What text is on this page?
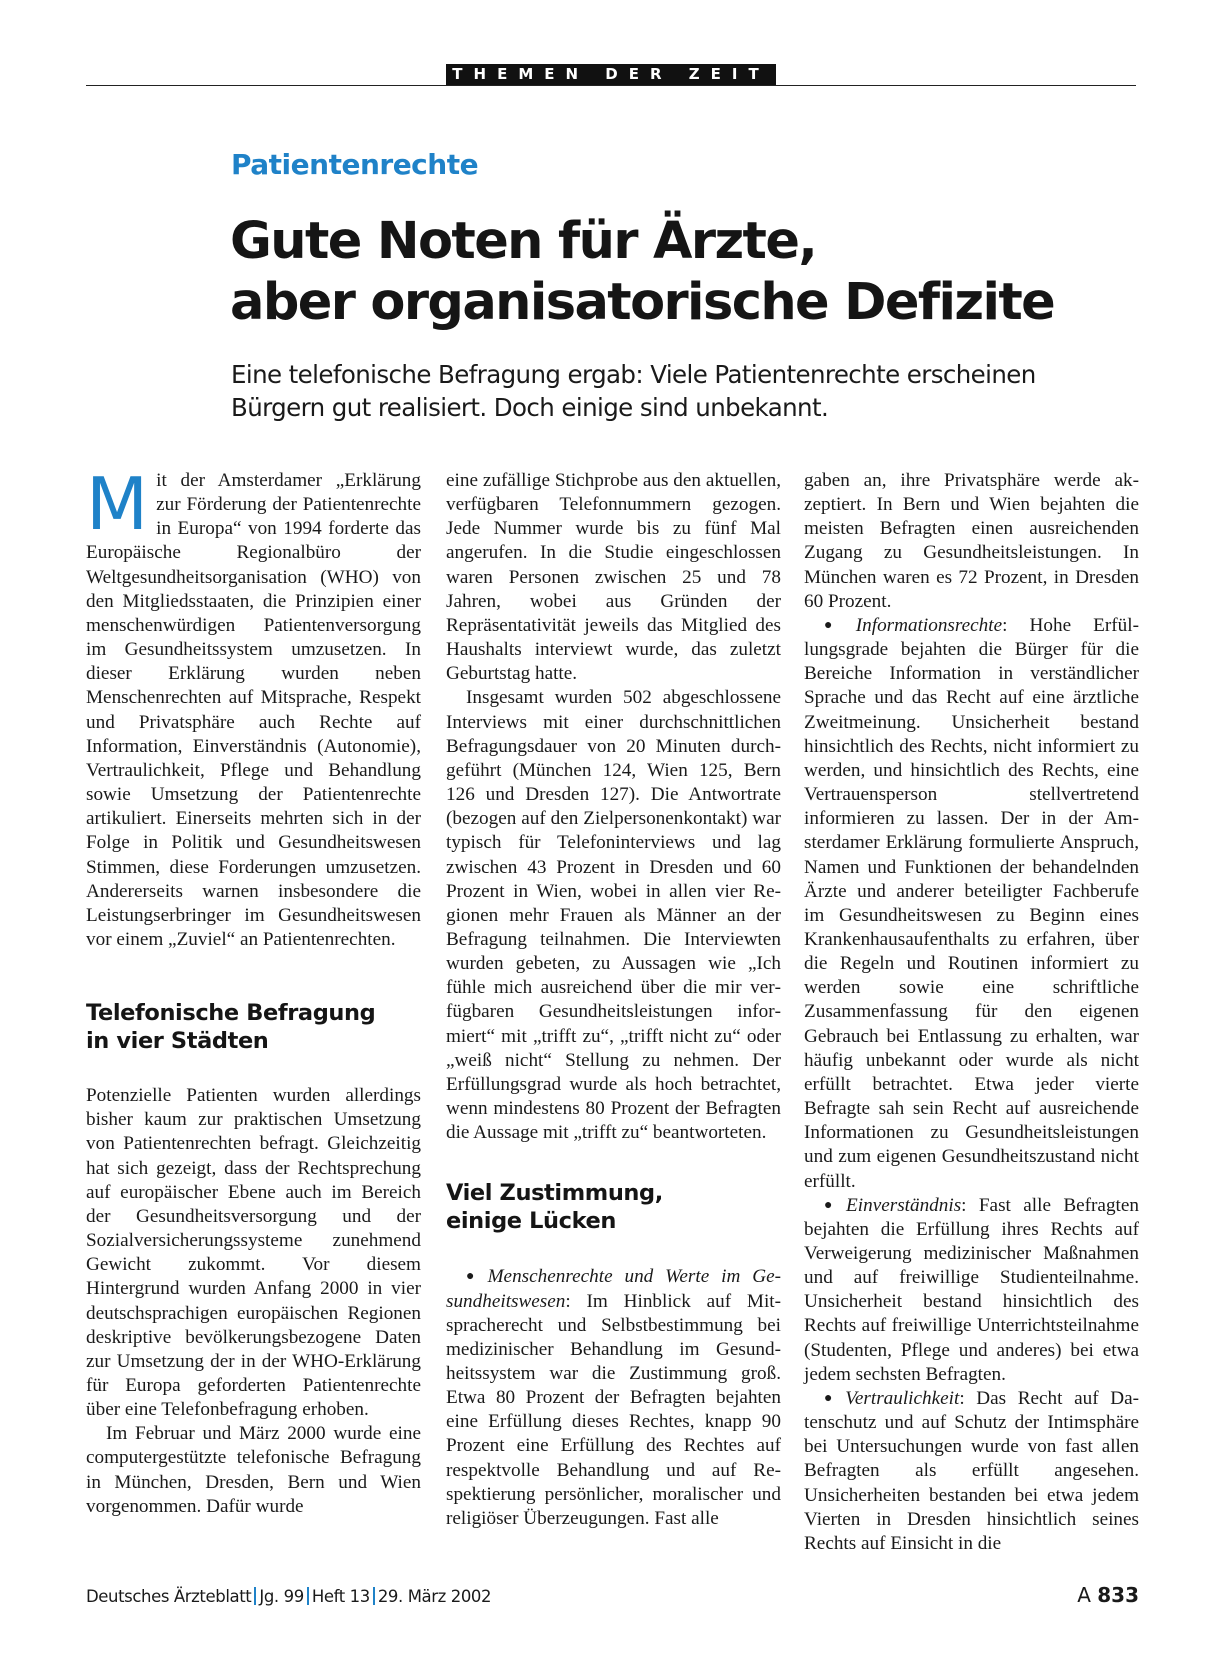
THEMEN DER ZEIT
Patientenrechte
Gute Noten für Ärzte,
aber organisatorische Defizite

Eine telefonische Befragung ergab: Viele Patientenrechte erscheinen
Bürgern gut realisiert. Doch einige sind unbekannt.

Mit der Amsterdamer „Erklärung zur Förderung der Patientenrechte in Europa“ von 1994 forderte das Europäische Regionalbüro der Weltgesundheitsorganisation (WHO) von den Mitgliedsstaaten, die Prinzipien einer menschenwürdigen Patientenversorgung im Gesundheitssystem umzusetzen. In dieser Erklärung wurden neben Menschenrechten auf Mitsprache, Respekt und Privatsphäre auch Rechte auf Information, Einverständnis (Autonomie), Vertraulichkeit, Pflege und Behandlung sowie Umsetzung der Patientenrechte artikuliert. Einerseits mehrten sich in der Folge in Politik und Gesundheitswesen Stimmen, diese Forderungen umzusetzen. Andererseits warnen insbesondere die Leistungserbringer im Gesundheitswesen vor einem „Zuviel“ an Patientenrechten.

Telefonische Befragung
in vier Städten

Potenzielle Patienten wurden allerdings bisher kaum zur praktischen Umsetzung von Patientenrechten befragt. Gleichzeitig hat sich gezeigt, dass der Rechtsprechung auf europäischer Ebene auch im Bereich der Gesundheitsversorgung und der Sozialversicherungssysteme zunehmend Gewicht zukommt. Vor diesem Hintergrund wurden Anfang 2000 in vier deutschsprachigen europäischen Regionen deskriptive bevölkerungsbezogene Daten zur Umsetzung der in der WHO-Erklärung für Europa geforderten Patientenrechte über eine Telefonbefragung erhoben.

Im Februar und März 2000 wurde eine computergestützte telefonische Befragung in München, Dresden, Bern und Wien vorgenommen. Dafür wurde

eine zufällige Stichprobe aus den aktuellen, verfügbaren Telefonnummern gezogen. Jede Nummer wurde bis zu fünf Mal angerufen. In die Studie eingeschlossen waren Personen zwischen 25 und 78 Jahren, wobei aus Gründen der Repräsentativität jeweils das Mitglied des Haushalts interviewt wurde, das zuletzt Geburtstag hatte.

Insgesamt wurden 502 abgeschlossene Interviews mit einer durchschnittlichen Befragungsdauer von 20 Minuten durchgeführt (München 124, Wien 125, Bern 126 und Dresden 127). Die Antwortrate (bezogen auf den Zielpersonenkontakt) war typisch für Telefoninterviews und lag zwischen 43 Prozent in Dresden und 60 Prozent in Wien, wobei in allen vier Regionen mehr Frauen als Männer an der Befragung teilnahmen. Die Interviewten wurden gebeten, zu Aussagen wie „Ich fühle mich ausreichend über die mir verfügbaren Gesundheitsleistungen informiert“ mit „trifft zu“, „trifft nicht zu“ oder „weiß nicht“ Stellung zu nehmen. Der Erfüllungsgrad wurde als hoch betrachtet, wenn mindestens 80 Prozent der Befragten die Aussage mit „trifft zu“ beantworteten.

Viel Zustimmung,
einige Lücken

● Menschenrechte und Werte im Gesundheitswesen: Im Hinblick auf Mitspracherecht und Selbstbestimmung bei medizinischer Behandlung im Gesundheitssystem war die Zustimmung groß. Etwa 80 Prozent der Befragten bejahten eine Erfüllung dieses Rechtes, knapp 90 Prozent eine Erfüllung des Rechtes auf respektvolle Behandlung und auf Respektierung persönlicher, moralischer und religiöser Überzeugungen. Fast alle

gaben an, ihre Privatsphäre werde akzeptiert. In Bern und Wien bejahten die meisten Befragten einen ausreichenden Zugang zu Gesundheitsleistungen. In München waren es 72 Prozent, in Dresden 60 Prozent.

● Informationsrechte: Hohe Erfüllungsgrade bejahten die Bürger für die Bereiche Information in verständlicher Sprache und das Recht auf eine ärztliche Zweitmeinung. Unsicherheit bestand hinsichtlich des Rechts, nicht informiert zu werden, und hinsichtlich des Rechts, eine Vertrauensperson stellvertretend informieren zu lassen. Der in der Amsterdamer Erklärung formulierte Anspruch, Namen und Funktionen der behandelnden Ärzte und anderer beteiligter Fachberufe im Gesundheitswesen zu Beginn eines Krankenhausaufenthalts zu erfahren, über die Regeln und Routinen informiert zu werden sowie eine schriftliche Zusammenfassung für den eigenen Gebrauch bei Entlassung zu erhalten, war häufig unbekannt oder wurde als nicht erfüllt betrachtet. Etwa jeder vierte Befragte sah sein Recht auf ausreichende Informationen zu Gesundheitsleistungen und zum eigenen Gesundheitszustand nicht erfüllt.

● Einverständnis: Fast alle Befragten bejahten die Erfüllung ihres Rechts auf Verweigerung medizinischer Maßnahmen und auf freiwillige Studienteilnahme. Unsicherheit bestand hinsichtlich des Rechts auf freiwillige Unterrichtsteilnahme (Studenten, Pflege und anderes) bei etwa jedem sechsten Befragten.

● Vertraulichkeit: Das Recht auf Datenschutz und auf Schutz der Intimsphäre bei Untersuchungen wurde von fast allen Befragten als erfüllt angesehen. Unsicherheiten bestanden bei etwa jedem Vierten in Dresden hinsichtlich seines Rechts auf Einsicht in die

Deutsches Ärzteblatt Jg. 99 Heft 13 29. März 2002	A 833
